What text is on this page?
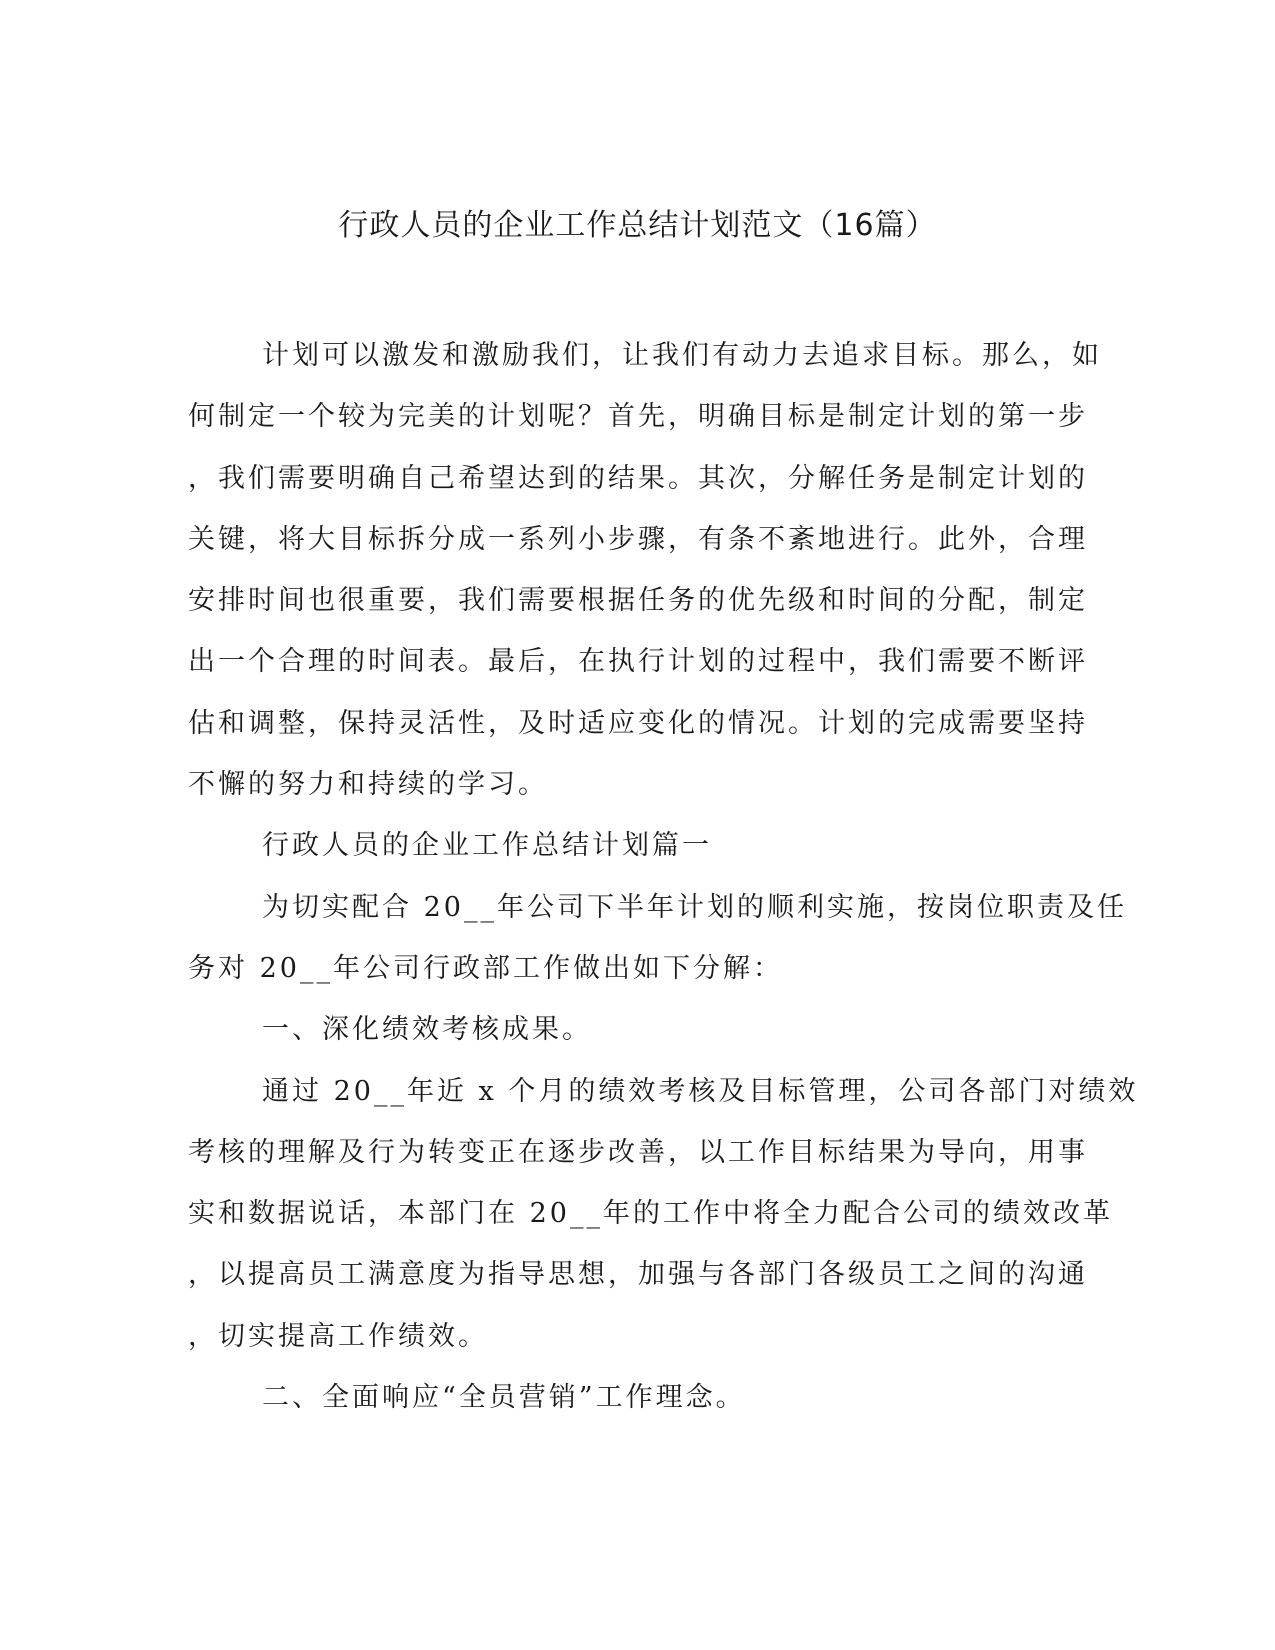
行政人员的企业工作总结计划范文（16篇）
计划可以激发和激励我们，让我们有动力去追求目标。那么，如
何制定一个较为完美的计划呢？首先，明确目标是制定计划的第一步
，我们需要明确自己希望达到的结果。其次，分解任务是制定计划的
关键，将大目标拆分成一系列小步骤，有条不紊地进行。此外，合理
安排时间也很重要，我们需要根据任务的优先级和时间的分配，制定
出一个合理的时间表。最后，在执行计划的过程中，我们需要不断评
估和调整，保持灵活性，及时适应变化的情况。计划的完成需要坚持
不懈的努力和持续的学习。
行政人员的企业工作总结计划篇一
为切实配合 20__年公司下半年计划的顺利实施，按岗位职责及任
务对 20__年公司行政部工作做出如下分解：
一、深化绩效考核成果。
通过 20__年近 x 个月的绩效考核及目标管理，公司各部门对绩效
考核的理解及行为转变正在逐步改善，以工作目标结果为导向，用事
实和数据说话，本部门在 20__年的工作中将全力配合公司的绩效改革
，以提高员工满意度为指导思想，加强与各部门各级员工之间的沟通
，切实提高工作绩效。
二、全面响应“全员营销”工作理念。
